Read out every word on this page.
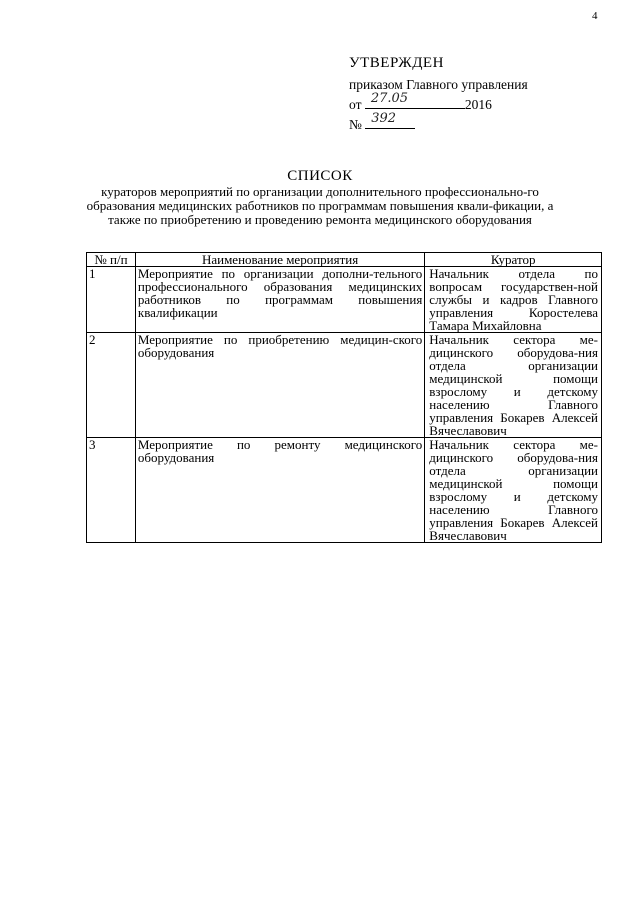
4
УТВЕРЖДЕН
приказом Главного управления
от 27.05	2016
№ 392
СПИСОК
кураторов мероприятий по организации дополнительного профессионально-го образования медицинских работников по программам повышения квали-фикации, а также по приобретению и проведению ремонта медицинского оборудования
№ п/п	Наименование мероприятия	Куратор
1	Мероприятие по организации дополни-тельного профессионального образования медицинских работников по программам повышения квалификации	Начальник отдела по вопросам государствен-ной службы и кадров Главного управления Коростелева Тамара Михайловна
2	Мероприятие по приобретению медицин-ского оборудования	Начальник сектора ме-дицинского оборудова-ния отдела организации медицинской помощи взрослому и детскому населению Главного управления Бокарев Алексей Вячеславович
3	Мероприятие по ремонту медицинского оборудования	Начальник сектора ме-дицинского оборудова-ния отдела организации медицинской помощи взрослому и детскому населению Главного управления Бокарев Алексей Вячеславович
